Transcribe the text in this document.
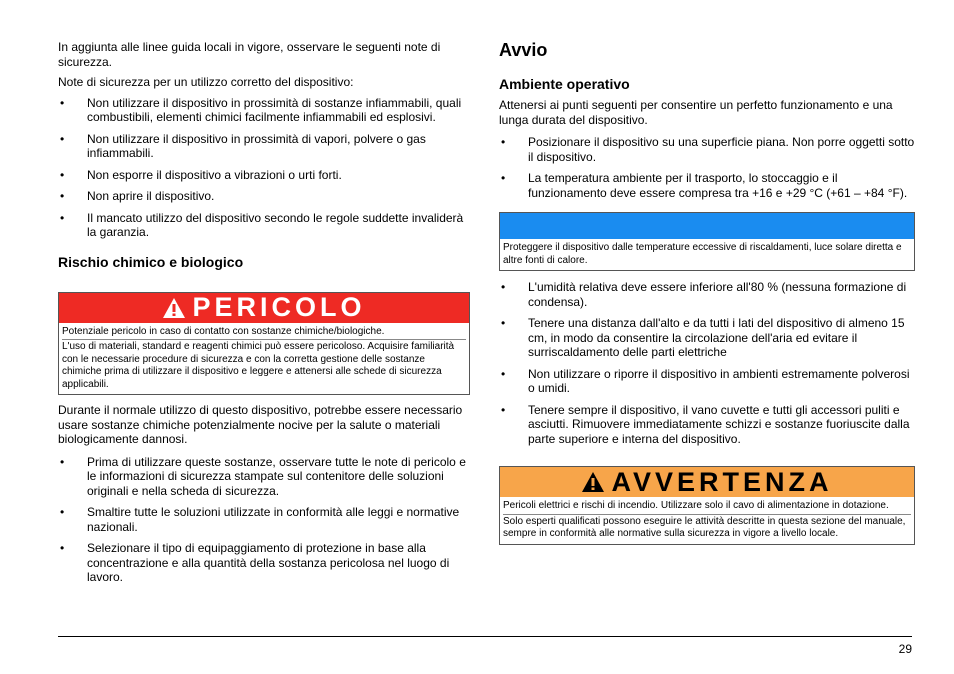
In aggiunta alle linee guida locali in vigore, osservare le seguenti note di sicurezza.

Note di sicurezza per un utilizzo corretto del dispositivo:

• Non utilizzare il dispositivo in prossimità di sostanze infiammabili, quali combustibili, elementi chimici facilmente infiammabili ed esplosivi.
• Non utilizzare il dispositivo in prossimità di vapori, polvere o gas infiammabili.
• Non esporre il dispositivo a vibrazioni o urti forti.
• Non aprire il dispositivo.
• Il mancato utilizzo del dispositivo secondo le regole suddette invaliderà la garanzia.
Rischio chimico e biologico
PERICOLO
Potenziale pericolo in caso di contatto con sostanze chimiche/biologiche.
L'uso di materiali, standard e reagenti chimici può essere pericoloso. Acquisire familiarità con le necessarie procedure di sicurezza e con la corretta gestione delle sostanze chimiche prima di utilizzare il dispositivo e leggere e attenersi alle schede di sicurezza applicabili.

Durante il normale utilizzo di questo dispositivo, potrebbe essere necessario usare sostanze chimiche potenzialmente nocive per la salute o materiali biologicamente dannosi.

• Prima di utilizzare queste sostanze, osservare tutte le note di pericolo e le informazioni di sicurezza stampate sul contenitore delle soluzioni originali e nella scheda di sicurezza.
• Smaltire tutte le soluzioni utilizzate in conformità alle leggi e normative nazionali.
• Selezionare il tipo di equipaggiamento di protezione in base alla concentrazione e alla quantità della sostanza pericolosa nel luogo di lavoro.
Avvio
Ambiente operativo

Attenersi ai punti seguenti per consentire un perfetto funzionamento e una lunga durata del dispositivo.

• Posizionare il dispositivo su una superficie piana. Non porre oggetti sotto il dispositivo.
• La temperatura ambiente per il trasporto, lo stoccaggio e il funzionamento deve essere compresa tra +16 e +29 °C (+61 – +84 °F).
Proteggere il dispositivo dalle temperature eccessive di riscaldamenti, luce solare diretta e altre fonti di calore.
• L'umidità relativa deve essere inferiore all'80 % (nessuna formazione di condensa).
• Tenere una distanza dall'alto e da tutti i lati del dispositivo di almeno 15 cm, in modo da consentire la circolazione dell'aria ed evitare il surriscaldamento delle parti elettriche
• Non utilizzare o riporre il dispositivo in ambienti estremamente polverosi o umidi.
• Tenere sempre il dispositivo, il vano cuvette e tutti gli accessori puliti e asciutti. Rimuovere immediatamente schizzi e sostanze fuoriuscite dalla parte superiore e interna del dispositivo.
AVVERTENZA
Pericoli elettrici e rischi di incendio. Utilizzare solo il cavo di alimentazione in dotazione.
Solo esperti qualificati possono eseguire le attività descritte in questa sezione del manuale, sempre in conformità alle normative sulla sicurezza in vigore a livello locale.
29
